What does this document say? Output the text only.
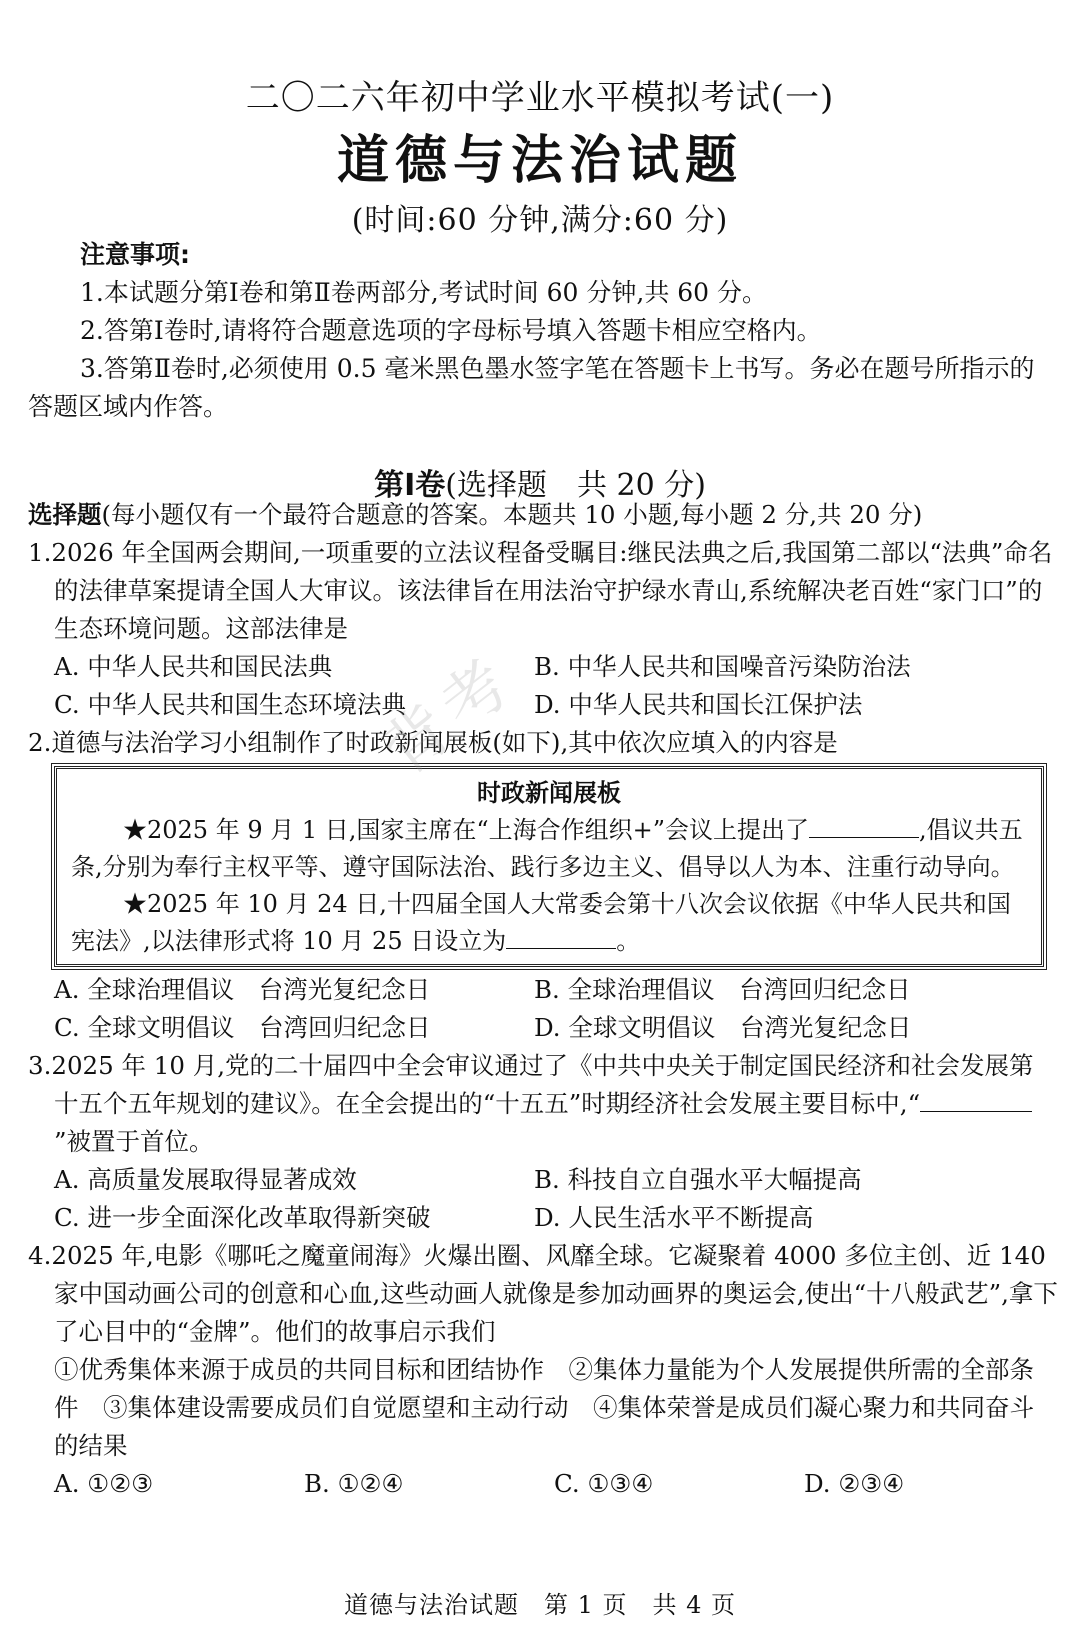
二〇二六年初中学业水平模拟考试(一)
道德与法治试题
(时间:60 分钟,满分:60 分)
注意事项:

1.本试题分第Ⅰ卷和第Ⅱ卷两部分,考试时间 60 分钟,共 60 分。

2.答第Ⅰ卷时,请将符合题意选项的字母标号填入答题卡相应空格内。

3.答第Ⅱ卷时,必须使用 0.5 毫米黑色墨水签字笔在答题卡上书写。务必在题号所指示的答题区域内作答。

第Ⅰ卷(选择题　共 20 分)

选择题(每小题仅有一个最符合题意的答案。本题共 10 小题,每小题 2 分,共 20 分)

1.2026 年全国两会期间,一项重要的立法议程备受瞩目:继民法典之后,我国第二部以“法典”命名的法律草案提请全国人大审议。该法律旨在用法治守护绿水青山,系统解决老百姓“家门口”的生态环境问题。这部法律是

A. 中华人民共和国民法典	B. 中华人民共和国噪音污染防治法
C. 中华人民共和国生态环境法典	D. 中华人民共和国长江保护法

2.道德与法治学习小组制作了时政新闻展板(如下),其中依次应填入的内容是

时政新闻展板

★2025 年 9 月 1 日,国家主席在“上海合作组织+”会议上提出了	,倡议共五条,分别为奉行主权平等、遵守国际法治、践行多边主义、倡导以人为本、注重行动导向。

★2025 年 10 月 24 日,十四届全国人大常委会第十八次会议依据《中华人民共和国宪法》,以法律形式将 10 月 25 日设立为	。

A. 全球治理倡议　台湾光复纪念日	B. 全球治理倡议　台湾回归纪念日
C. 全球文明倡议　台湾回归纪念日	D. 全球文明倡议　台湾光复纪念日

3.2025 年 10 月,党的二十届四中全会审议通过了《中共中央关于制定国民经济和社会发展第十五个五年规划的建议》。在全会提出的“十五五”时期经济社会发展主要目标中,“”被置于首位。

A. 高质量发展取得显著成效	B. 科技自立自强水平大幅提高
C. 进一步全面深化改革取得新突破	D. 人民生活水平不断提高

4.2025 年,电影《哪吒之魔童闹海》火爆出圈、风靡全球。它凝聚着 4000 多位主创、近 140 家中国动画公司的创意和心血,这些动画人就像是参加动画界的奥运会,使出“十八般武艺”,拿下了心目中的“金牌”。他们的故事启示我们

①优秀集体来源于成员的共同目标和团结协作　②集体力量能为个人发展提供所需的全部条件　③集体建设需要成员们自觉愿望和主动行动　④集体荣誉是成员们凝心聚力和共同奋斗的结果

A. ①②③	B. ①②④	C. ①③④	D. ②③④
道德与法治试题　第 1 页　共 4 页
背考
